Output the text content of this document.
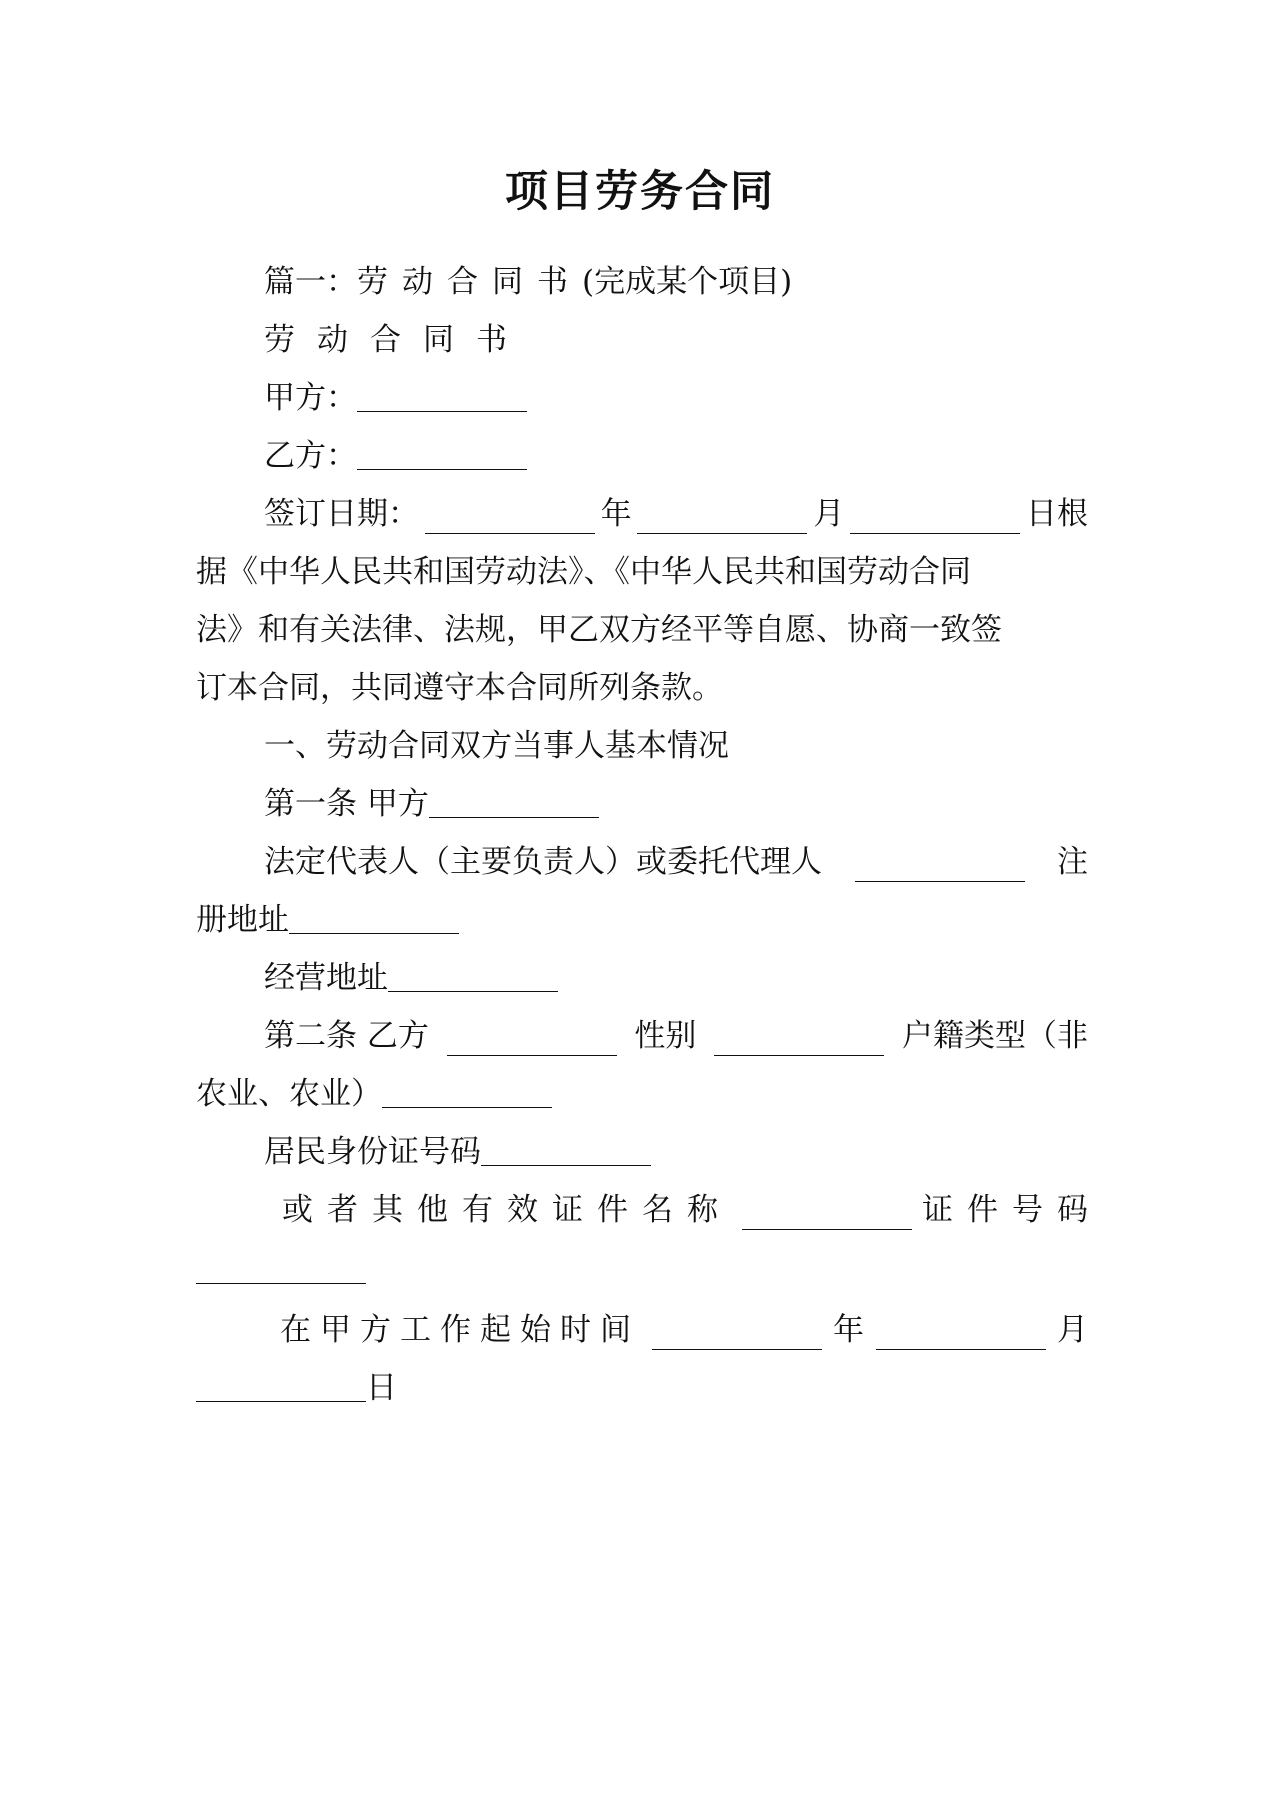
项目劳务合同
篇一：劳动合同书(完成某个项目)
劳动合同书
甲方：
乙方：
签订日期：	年	月	日根
据《中华人民共和国劳动法》、《中华人民共和国劳动合同
法》和有关法律、法规，甲乙双方经平等自愿、协商一致签
订本合同，共同遵守本合同所列条款。
一、劳动合同双方当事人基本情况
第一条 甲方
法定代表人（主要负责人）或委托代理人	注
册地址
经营地址
第二条 乙方	性别	户籍类型（非
农业、农业）
居民身份证号码
或者其他有效证件名称	证件号码
在甲方工作起始时间	年	月
日
